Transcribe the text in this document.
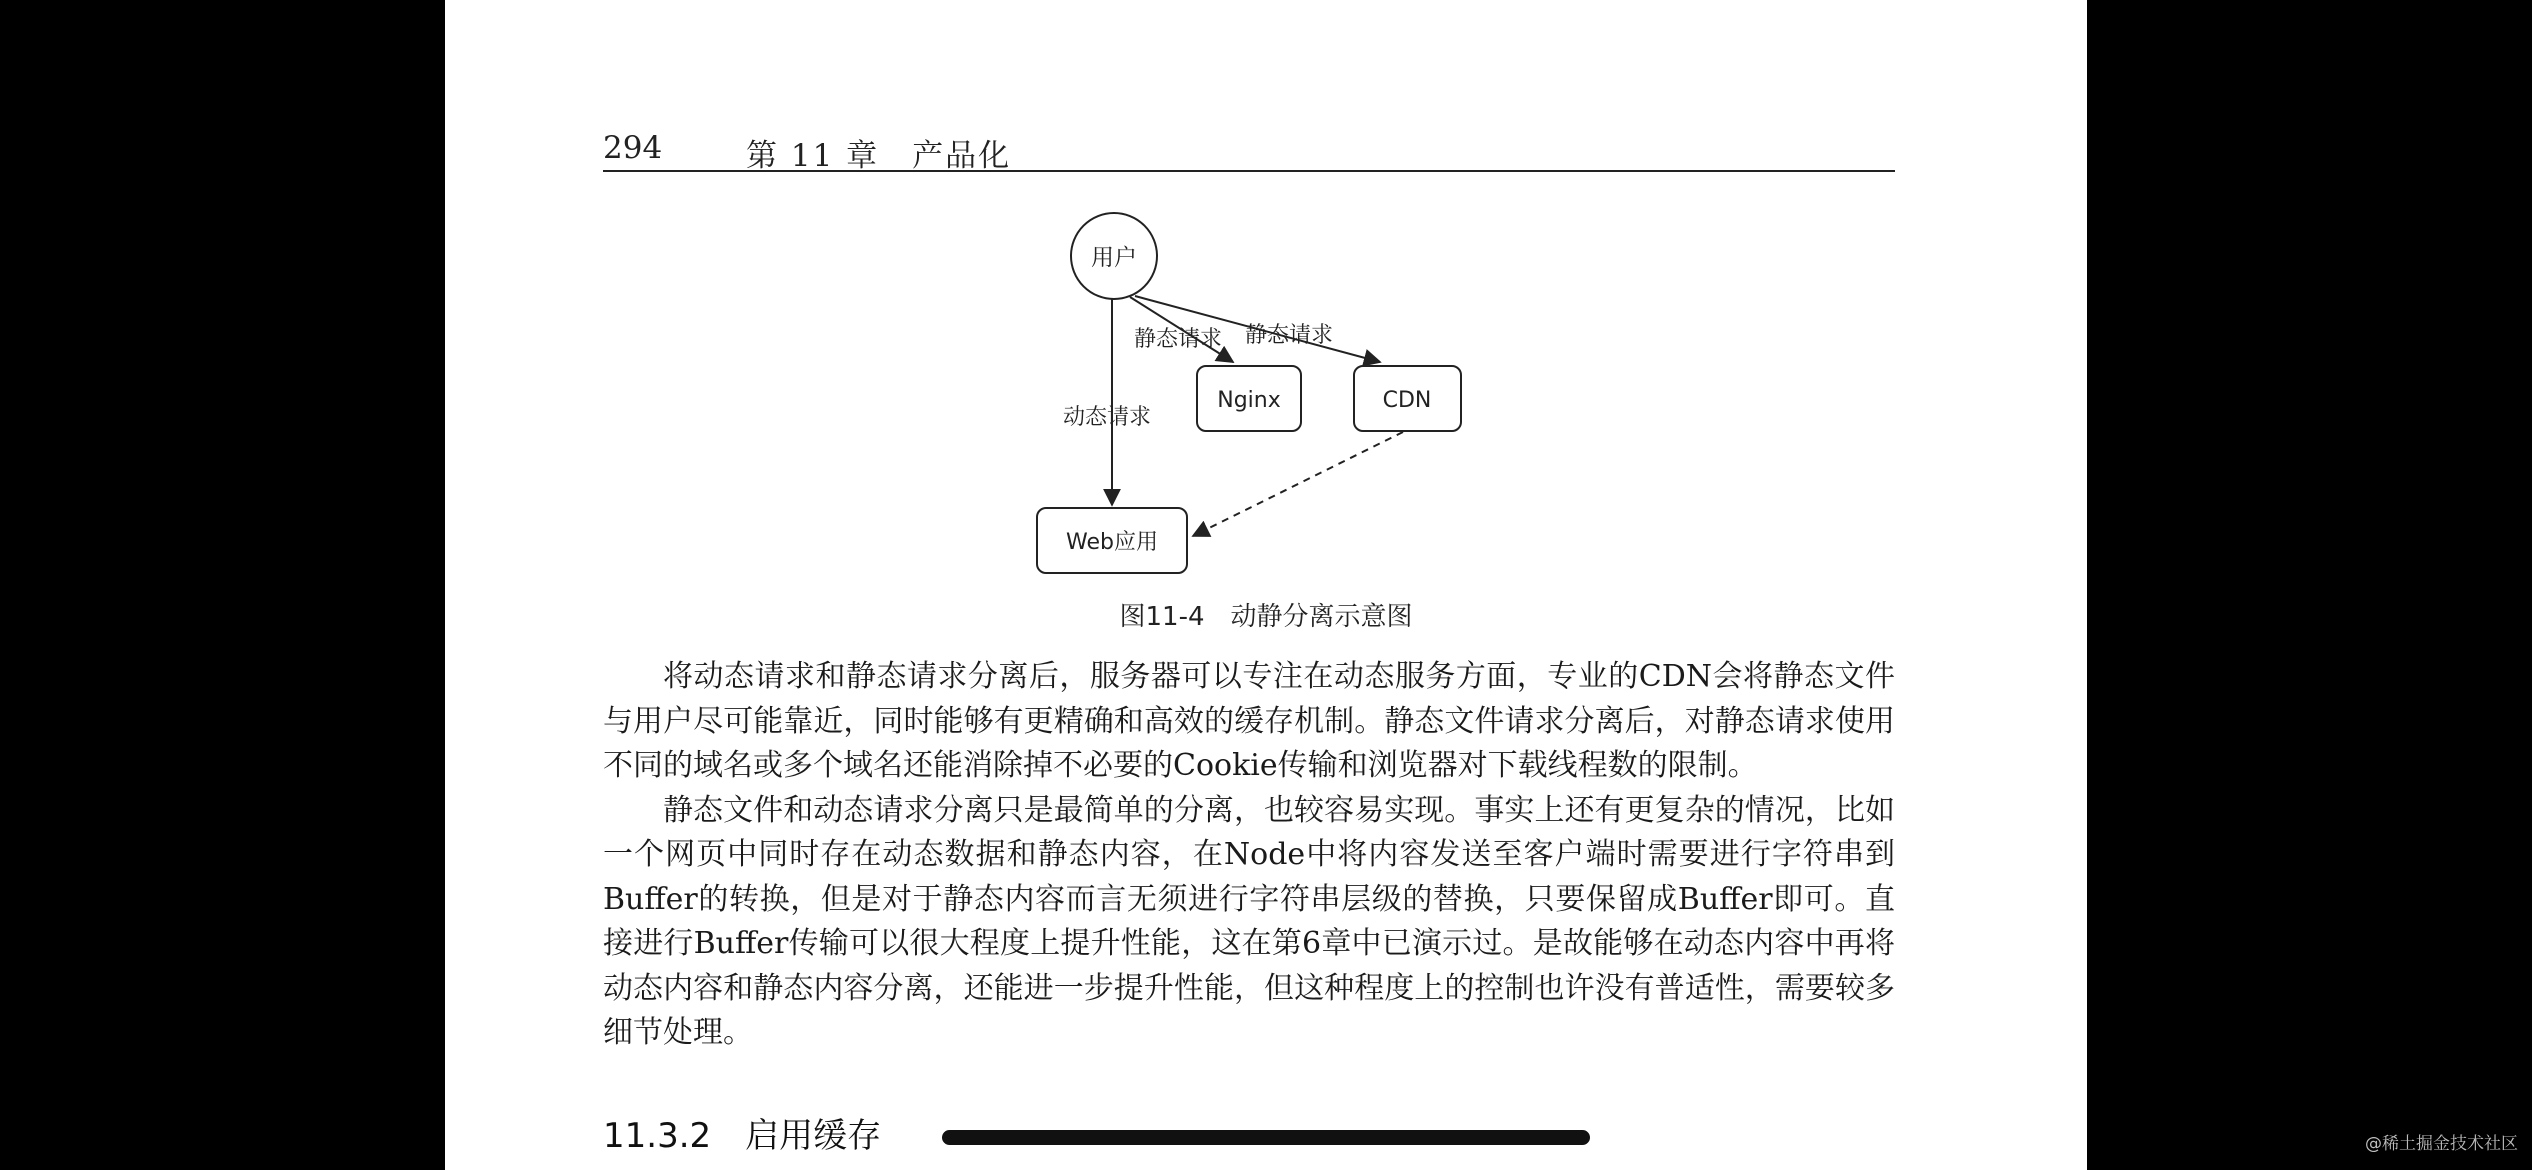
294	第 11 章　产品化
用户
Nginx	CDN
Web应用
静态请求 静态请求
动态请求
图11-4 动静分离示意图

将动态请求和静态请求分离后，服务器可以专注在动态服务方面，专业的CDN会将静态文件与用户尽可能靠近，同时能够有更精确和高效的缓存机制。静态文件请求分离后，对静态请求使用不同的域名或多个域名还能消除掉不必要的Cookie传输和浏览器对下载线程数的限制。

静态文件和动态请求分离只是最简单的分离，也较容易实现。事实上还有更复杂的情况，比如一个网页中同时存在动态数据和静态内容，在Node中将内容发送至客户端时需要进行字符串到Buffer的转换，但是对于静态内容而言无须进行字符串层级的替换，只要保留成Buffer即可。直接进行Buffer传输可以很大程度上提升性能，这在第6章中已演示过。是故能够在动态内容中再将动态内容和静态内容分离，还能进一步提升性能，但这种程度上的控制也许没有普适性，需要较多细节处理。

11.3.2 启用缓存	@稀土掘金技术社区
